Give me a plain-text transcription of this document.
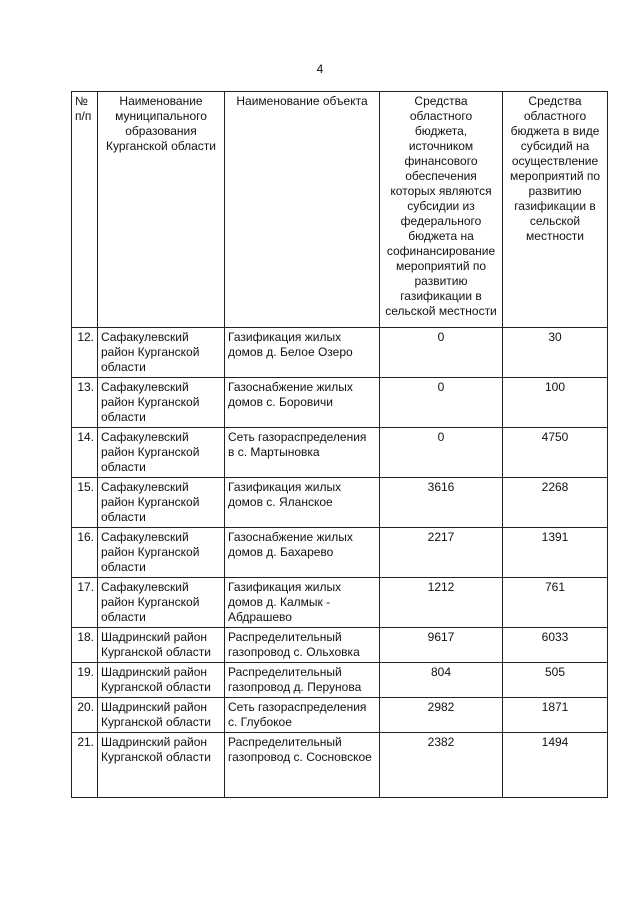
4
№ п/п	Наименование муниципального образования Курганской области	Наименование объекта	Средства областного бюджета, источником финансового обеспечения которых являются субсидии из федерального бюджета на софинансирование мероприятий по развитию газификации в сельской местности	Средства областного бюджета в виде субсидий на осуществление мероприятий по развитию газификации в сельской местности
12.	Сафакулевский район Курганской области	Газификация жилых домов д. Белое Озеро	0	30
13.	Сафакулевский район Курганской области	Газоснабжение жилых домов с. Боровичи	0	100
14.	Сафакулевский район Курганской области	Сеть газораспределения в с. Мартыновка	0	4750
15.	Сафакулевский район Курганской области	Газификация жилых домов с. Яланское	3616	2268
16.	Сафакулевский район Курганской области	Газоснабжение жилых домов д. Бахарево	2217	1391
17.	Сафакулевский район Курганской области	Газификация жилых домов д. Калмык - Абдрашево	1212	761
18.	Шадринский район Курганской области	Распределительный газопровод с. Ольховка	9617	6033
19.	Шадринский район Курганской области	Распределительный газопровод д. Перунова	804	505
20.	Шадринский район Курганской области	Сеть газораспределения с. Глубокое	2982	1871
21.	Шадринский район Курганской области	Распределительный газопровод с. Сосновское	2382	1494
